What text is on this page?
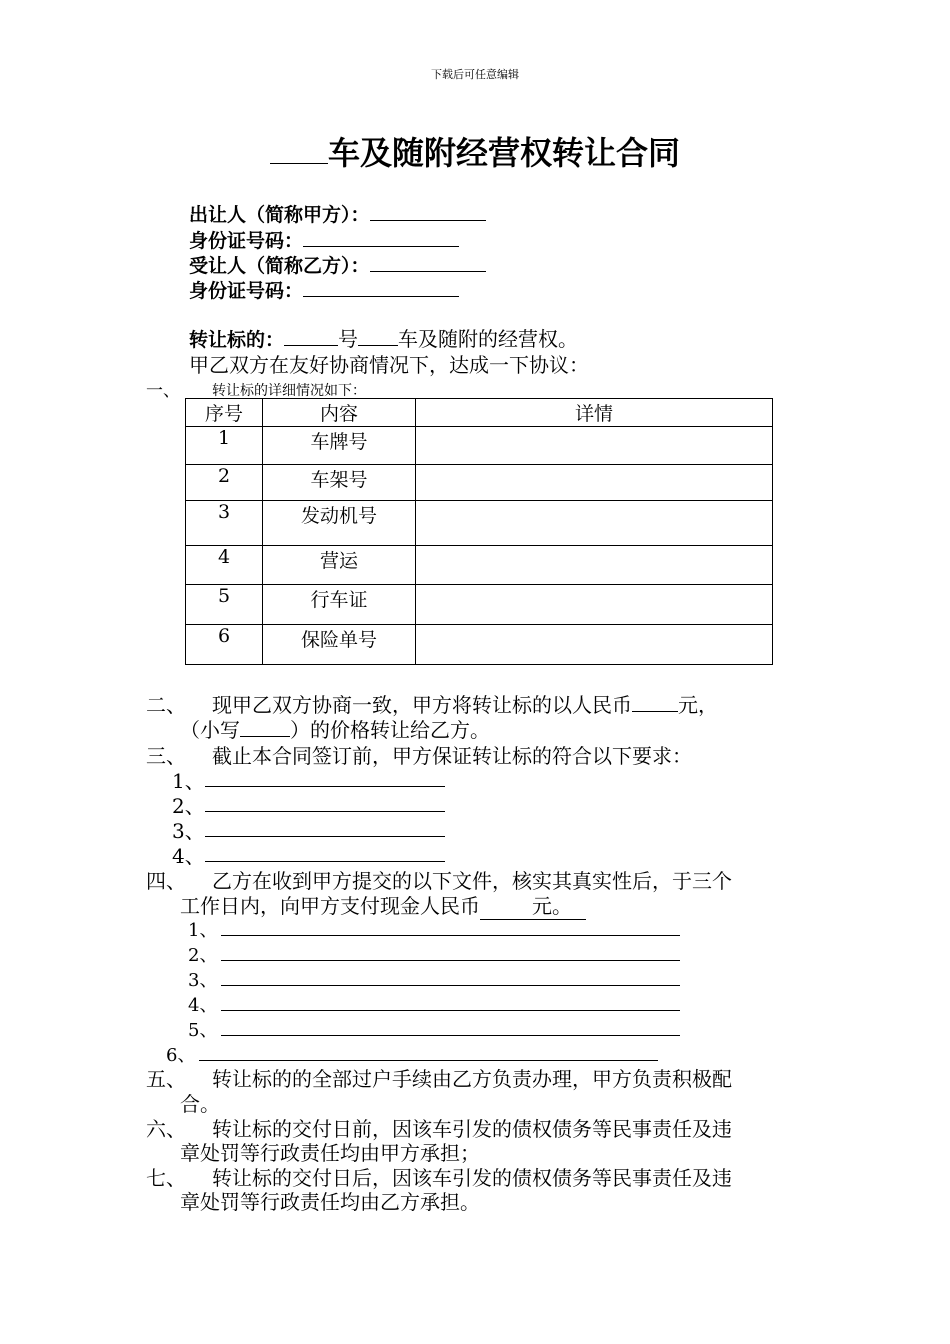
下载后可任意编辑
车及随附经营权转让合同
出让人（简称甲方）：
身份证号码：
受让人（简称乙方）：
身份证号码：
转让标的：	号 车及随附的经营权。
甲乙双方在友好协商情况下，达成一下协议：
一、 转让标的详细情况如下：
序号	内容	详情
1	车牌号	
2	车架号	
3	发动机号	
4	营运	
5	行车证	
6	保险单号	
二、 现甲乙双方协商一致，甲方将转让标的以人民币 元，
（小写	）的价格转让给乙方。
三、 截止本合同签订前，甲方保证转让标的符合以下要求：
1、
2、
3、
4、
四、 乙方在收到甲方提交的以下文件，核实其真实性后，于三个
工作日内，向甲方支付现金人民币	元。
1、
2、
3、
4、
5、
6、
五、 转让标的的全部过户手续由乙方负责办理，甲方负责积极配
合。
六、 转让标的交付日前，因该车引发的债权债务等民事责任及违
章处罚等行政责任均由甲方承担；
七、 转让标的交付日后，因该车引发的债权债务等民事责任及违
章处罚等行政责任均由乙方承担。
